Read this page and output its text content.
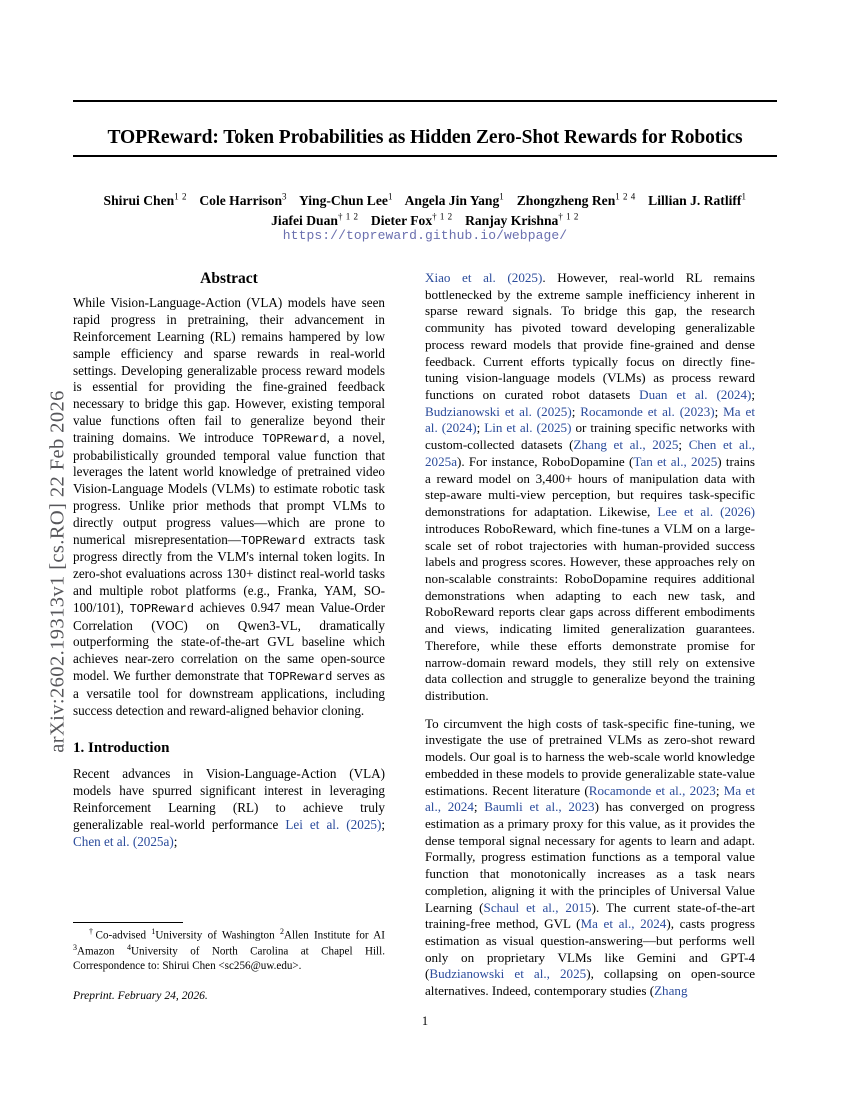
arXiv:2602.19313v1 [cs.RO] 22 Feb 2026
TOPReward: Token Probabilities as Hidden Zero-Shot Rewards for Robotics
Shirui Chen$^{1 2}$ Cole Harrison$^3$ Ying-Chun Lee$^1$ Angela Jin Yang$^1$ Zhongzheng Ren$^{1 2 4}$ Lillian J. Ratliff$^1$
Jiafei Duan$^{\dagger 1 2}$ Dieter Fox$^{\dagger 1 2}$ Ranjay Krishna$^{\dagger 1 2}$
https://topreward.github.io/webpage/
Abstract

While Vision-Language-Action (VLA) models have seen rapid progress in pretraining, their advancement in Reinforcement Learning (RL) remains hampered by low sample efficiency and sparse rewards in real-world settings. Developing generalizable process reward models is essential for providing the fine-grained feedback necessary to bridge this gap. However, existing temporal value functions often fail to generalize beyond their training domains. We introduce TOPReward, a novel, probabilistically grounded temporal value function that leverages the latent world knowledge of pretrained video Vision-Language Models (VLMs) to estimate robotic task progress. Unlike prior methods that prompt VLMs to directly output progress values—which are prone to numerical misrepresentation—TOPReward extracts task progress directly from the VLM's internal token logits. In zero-shot evaluations across 130+ distinct real-world tasks and multiple robot platforms (e.g., Franka, YAM, SO-100/101), TOPReward achieves 0.947 mean Value-Order Correlation (VOC) on Qwen3-VL, dramatically outperforming the state-of-the-art GVL baseline which achieves near-zero correlation on the same open-source model. We further demonstrate that TOPReward serves as a versatile tool for downstream applications, including success detection and reward-aligned behavior cloning.

1. Introduction

Recent advances in Vision-Language-Action (VLA) models have spurred significant interest in leveraging Reinforcement Learning (RL) to achieve truly generalizable real-world performance Lei et al. (2025); Chen et al. (2025a);

Xiao et al. (2025). However, real-world RL remains bottlenecked by the extreme sample inefficiency inherent in sparse reward signals. To bridge this gap, the research community has pivoted toward developing generalizable process reward models that provide fine-grained and dense feedback. Current efforts typically focus on directly fine-tuning vision-language models (VLMs) as process reward functions on curated robot datasets Duan et al. (2024); Budzianowski et al. (2025); Rocamonde et al. (2023); Ma et al. (2024); Lin et al. (2025) or training specific networks with custom-collected datasets (Zhang et al., 2025; Chen et al., 2025a). For instance, RoboDopamine (Tan et al., 2025) trains a reward model on 3,400+ hours of manipulation data with step-aware multi-view perception, but requires task-specific demonstrations for adaptation. Likewise, Lee et al. (2026) introduces RoboReward, which fine-tunes a VLM on a large-scale set of robot trajectories with human-provided success labels and progress scores. However, these approaches rely on non-scalable constraints: RoboDopamine requires additional demonstrations when adapting to each new task, and RoboReward reports clear gaps across different embodiments and views, indicating limited generalization guarantees. Therefore, while these efforts demonstrate promise for narrow-domain reward models, they still rely on extensive data collection and struggle to generalize beyond the training distribution.

To circumvent the high costs of task-specific fine-tuning, we investigate the use of pretrained VLMs as zero-shot reward models. Our goal is to harness the web-scale world knowledge embedded in these models to provide generalizable state-value estimations. Recent literature (Rocamonde et al., 2023; Ma et al., 2024; Baumli et al., 2023) has converged on progress estimation as a primary proxy for this value, as it provides the dense temporal signal necessary for agents to learn and adapt. Formally, progress estimation functions as a temporal value function that monotonically increases as a task nears completion, aligning it with the principles of Universal Value Learning (Schaul et al., 2015). The current state-of-the-art training-free method, GVL (Ma et al., 2024), casts progress estimation as visual question-answering—but performs well only on proprietary VLMs like Gemini and GPT-4 (Budzianowski et al., 2025), collapsing on open-source alternatives. Indeed, contemporary studies (Zhang

†Co-advised $^1$University of Washington $^2$Allen Institute for AI $^3$Amazon $^4$University of North Carolina at Chapel Hill. Correspondence to: Shirui Chen <sc256@uw.edu>.
Preprint. February 24, 2026.
1
